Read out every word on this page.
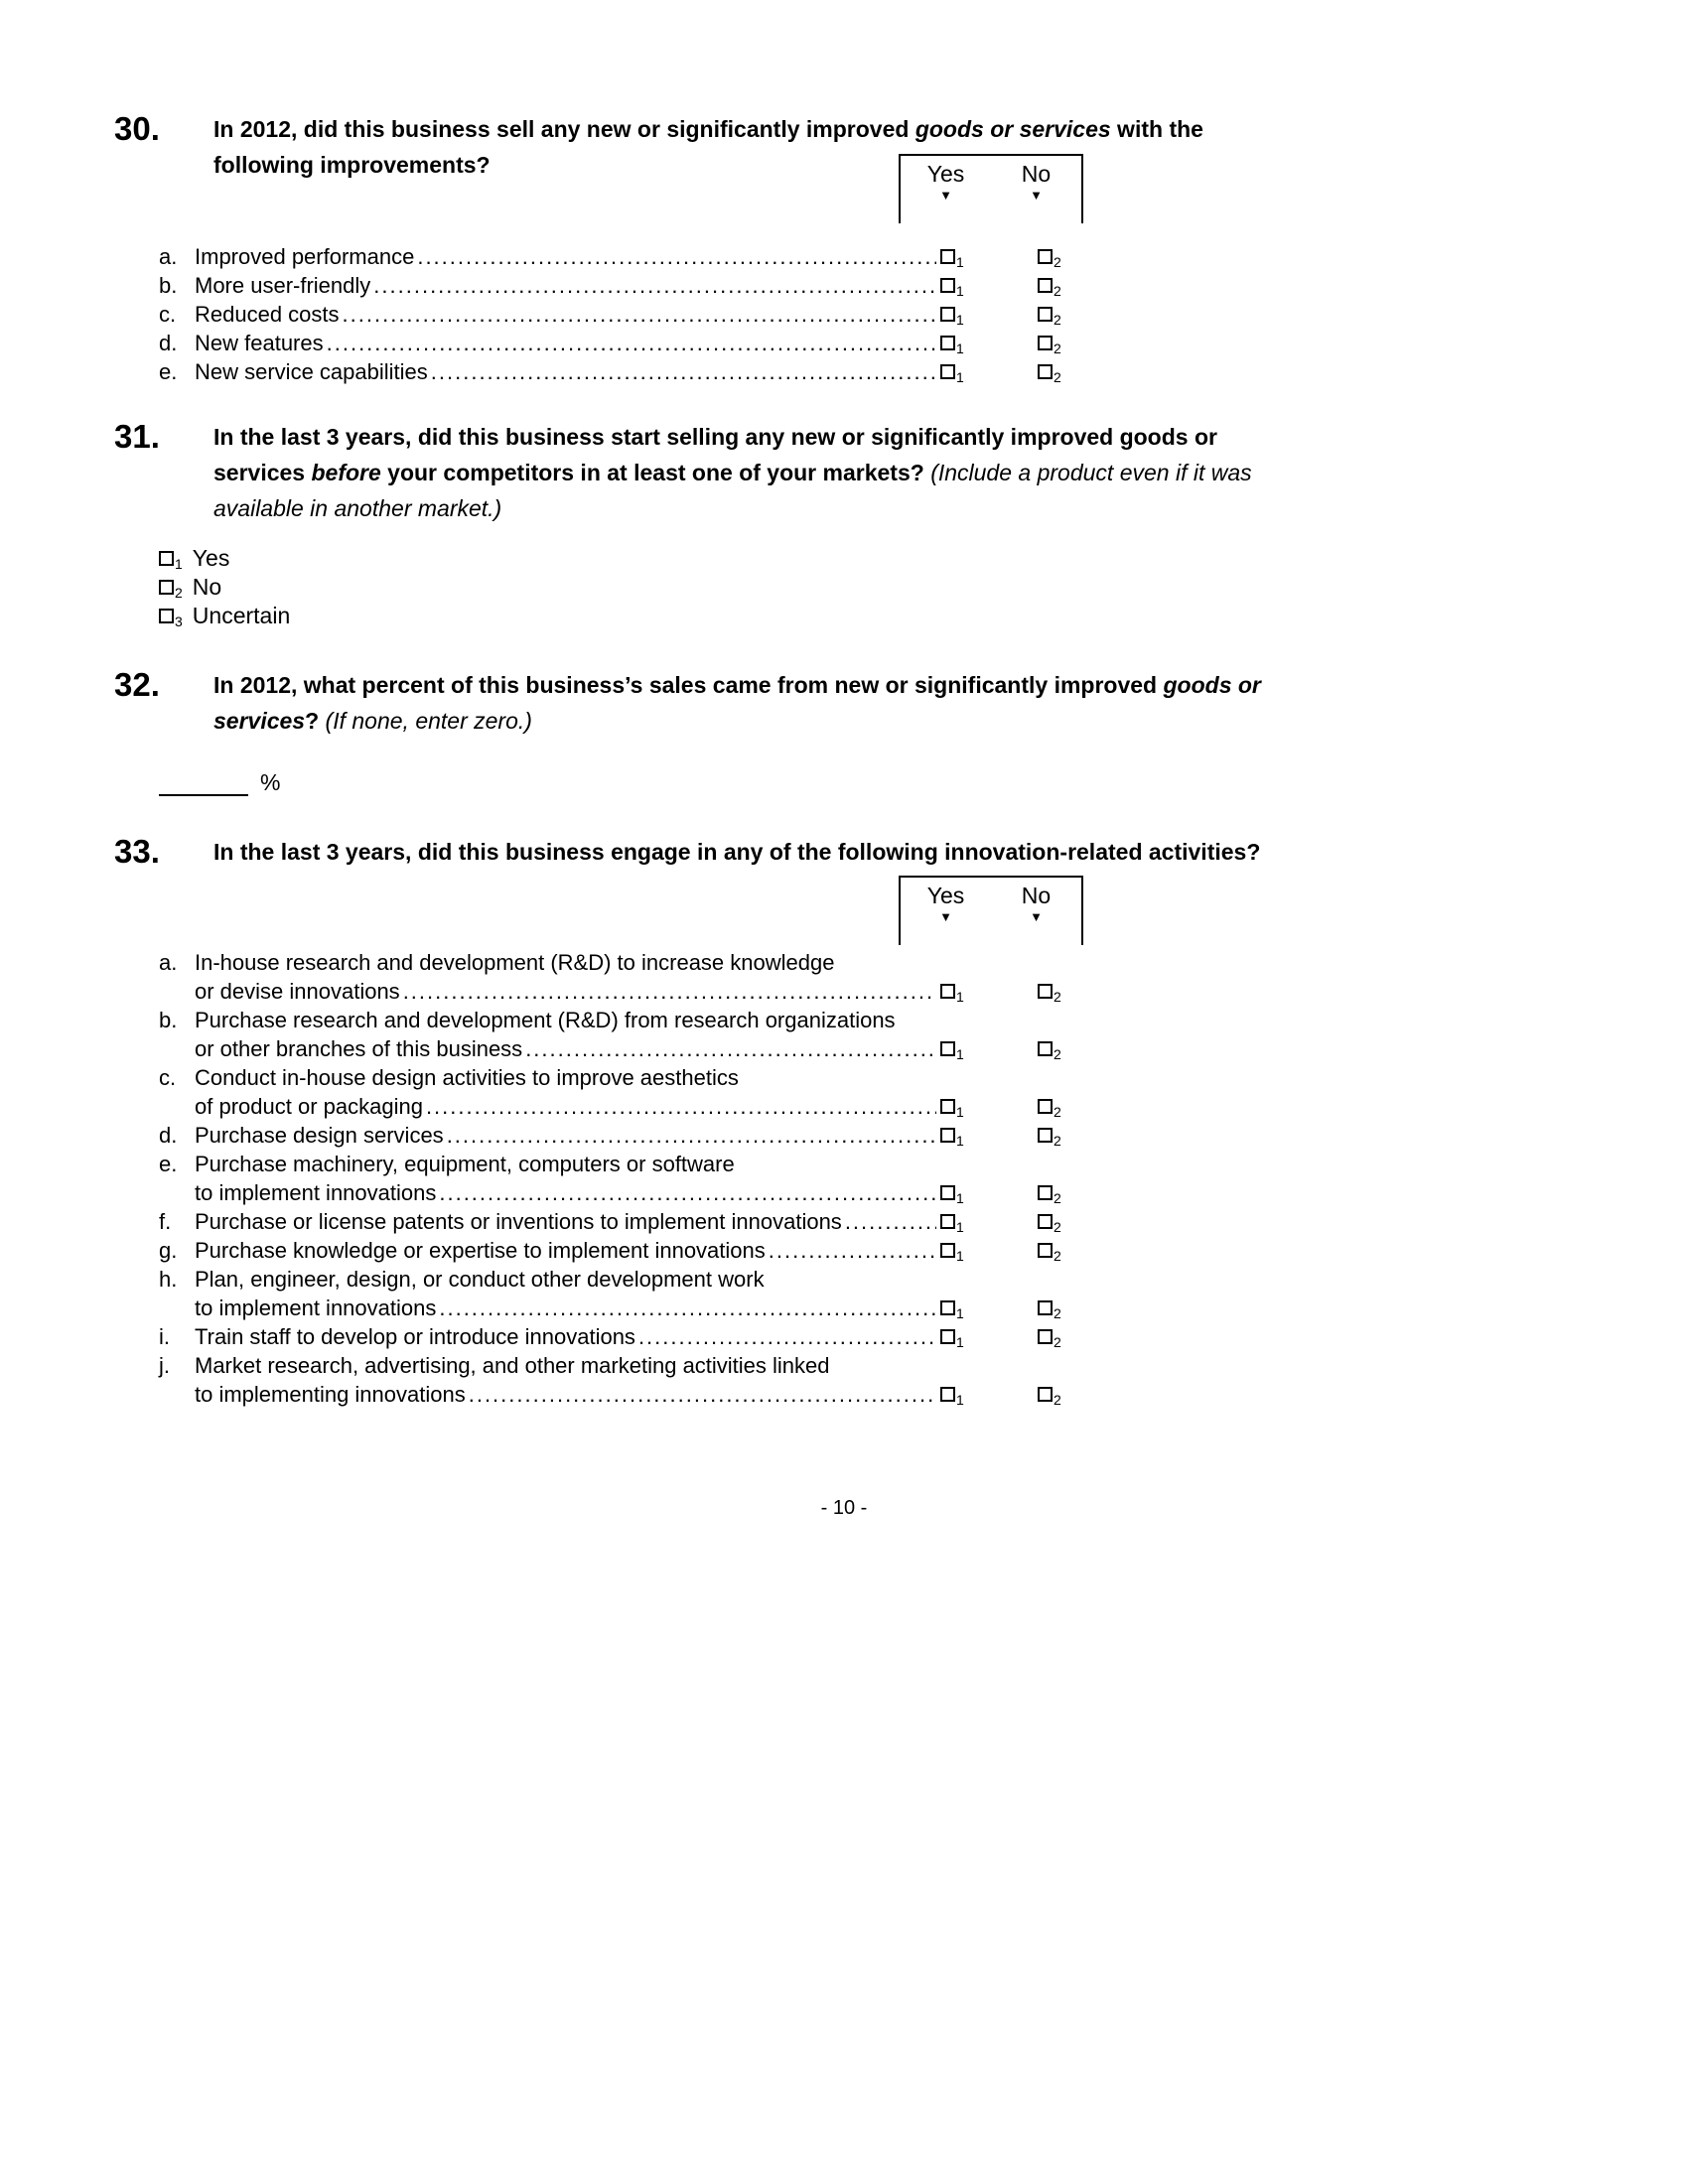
30.	In 2012, did this business sell any new or significantly improved goods or services with the
following improvements?	Yes
▼
No
▼
a. Improved performance .....	1	2
b. More user-friendly .....	1	2
c. Reduced costs .....	1	2
d. New features .....	1	2
e. New service capabilities .....	1	2
31.	In the last 3 years, did this business start selling any new or significantly improved goods or
services before your competitors in at least one of your markets? (Include a product even if it was
available in another market.)
1 Yes
2 No
3 Uncertain
32.	In 2012, what percent of this business’s sales came from new or significantly improved goods or
services? (If none, enter zero.)
%
33.	In the last 3 years, did this business engage in any of the following innovation-related activities?
Yes
▼
No
▼
a. In-house research and development (R&D) to increase knowledge
or devise innovations .....	1	2
b. Purchase research and development (R&D) from research organizations
or other branches of this business .....	1	2
c. Conduct in-house design activities to improve aesthetics
of product or packaging .....	1	2
d. Purchase design services .....	1	2
e. Purchase machinery, equipment, computers or software
to implement innovations .....	1	2
f.	Purchase or license patents or inventions to implement innovations .....	1	2
g. Purchase knowledge or expertise to implement innovations .....	1	2
h. Plan, engineer, design, or conduct other development work
to implement innovations .....	1	2
i.	Train staff to develop or introduce innovations .....	1	2
j.	Market research, advertising, and other marketing activities linked
to implementing innovations .....	1	2
- 10 -
